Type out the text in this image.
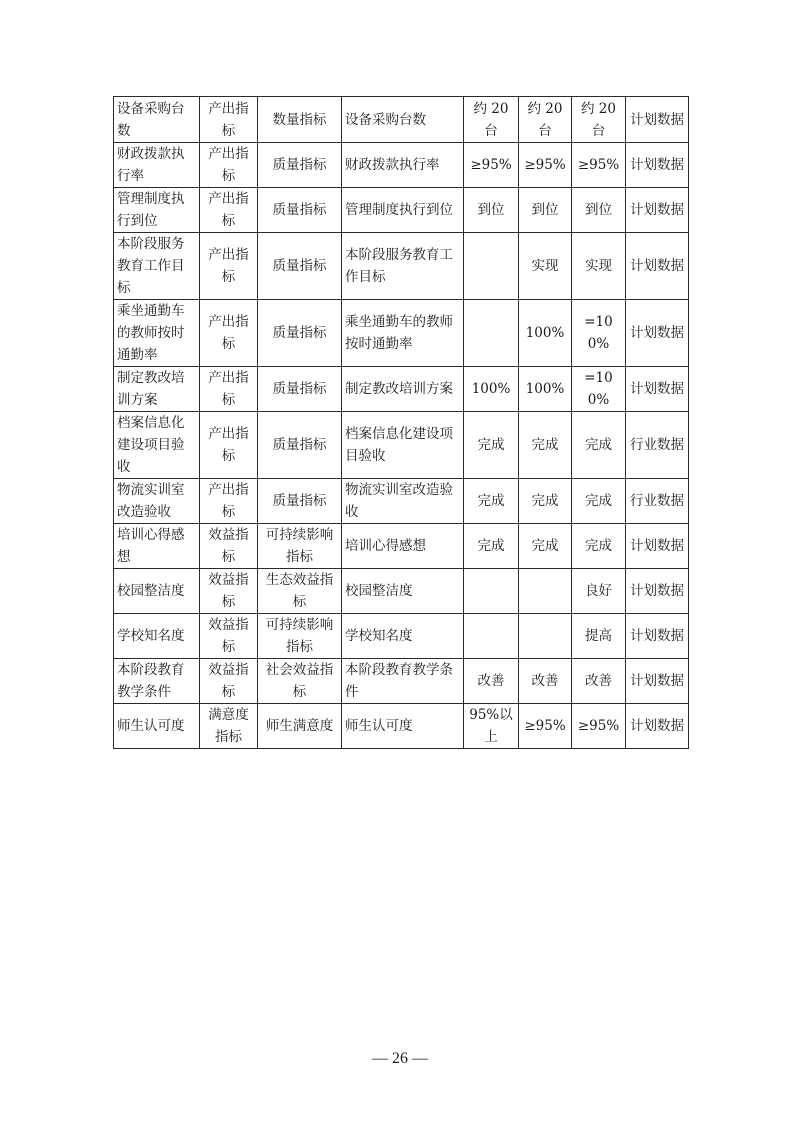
设备采购台数	产出指标	数量指标	设备采购台数	约 20台	约 20台	约 20台	计划数据
财政拨款执行率	产出指标	质量指标	财政拨款执行率	≥95%	≥95%	≥95%	计划数据
管理制度执行到位	产出指标	质量指标	管理制度执行到位	到位	到位	到位	计划数据
本阶段服务教育工作目标	产出指标	质量指标	本阶段服务教育工作目标		实现	实现	计划数据
乘坐通勤车的教师按时通勤率	产出指标	质量指标	乘坐通勤车的教师按时通勤率		100%	=100%	计划数据
制定教改培训方案	产出指标	质量指标	制定教改培训方案	100%	100%	=100%	计划数据
档案信息化建设项目验收	产出指标	质量指标	档案信息化建设项目验收	完成	完成	完成	行业数据
物流实训室改造验收	产出指标	质量指标	物流实训室改造验收	完成	完成	完成	行业数据
培训心得感想	效益指标	可持续影响指标	培训心得感想	完成	完成	完成	计划数据
校园整洁度	效益指标	生态效益指标	校园整洁度			良好	计划数据
学校知名度	效益指标	可持续影响指标	学校知名度			提高	计划数据
本阶段教育教学条件	效益指标	社会效益指标	本阶段教育教学条件	改善	改善	改善	计划数据
师生认可度	满意度指标	师生满意度	师生认可度	95%以上	≥95%	≥95%	计划数据
— 26 —
